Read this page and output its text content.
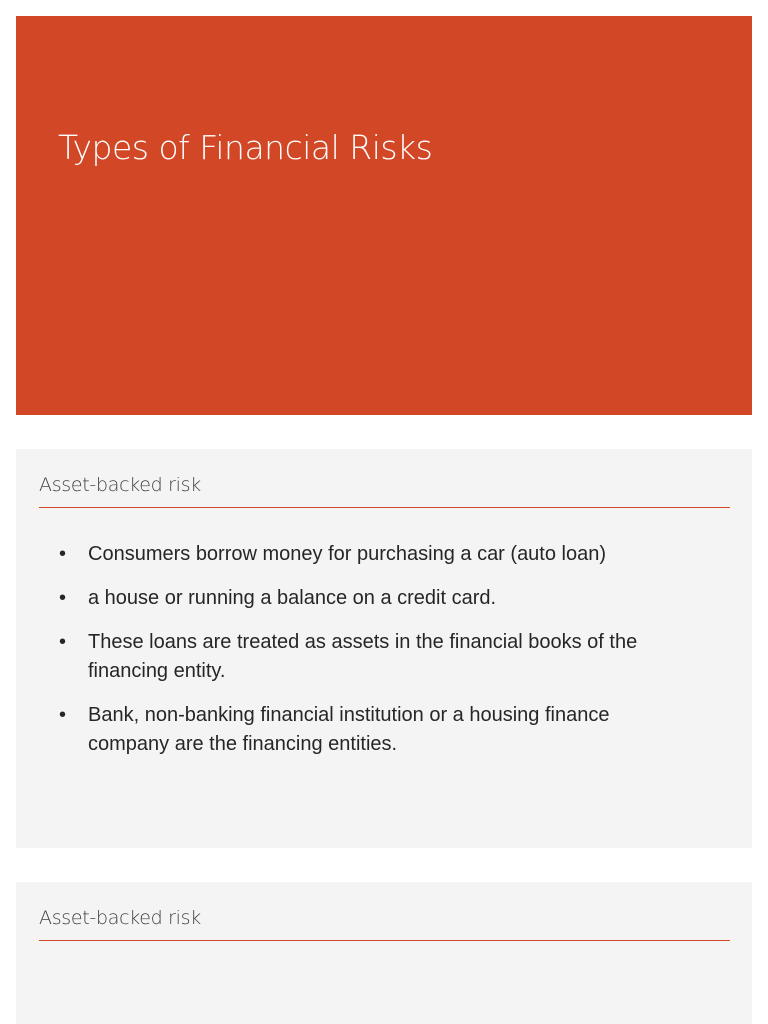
Types of Financial Risks
Asset-backed risk
• Consumers borrow money for purchasing a car (auto loan)
• a house or running a balance on a credit card.
• These loans are treated as assets in the financial books of the financing entity.
• Bank, non-banking financial institution or a housing finance company are the financing entities.
Asset-backed risk
